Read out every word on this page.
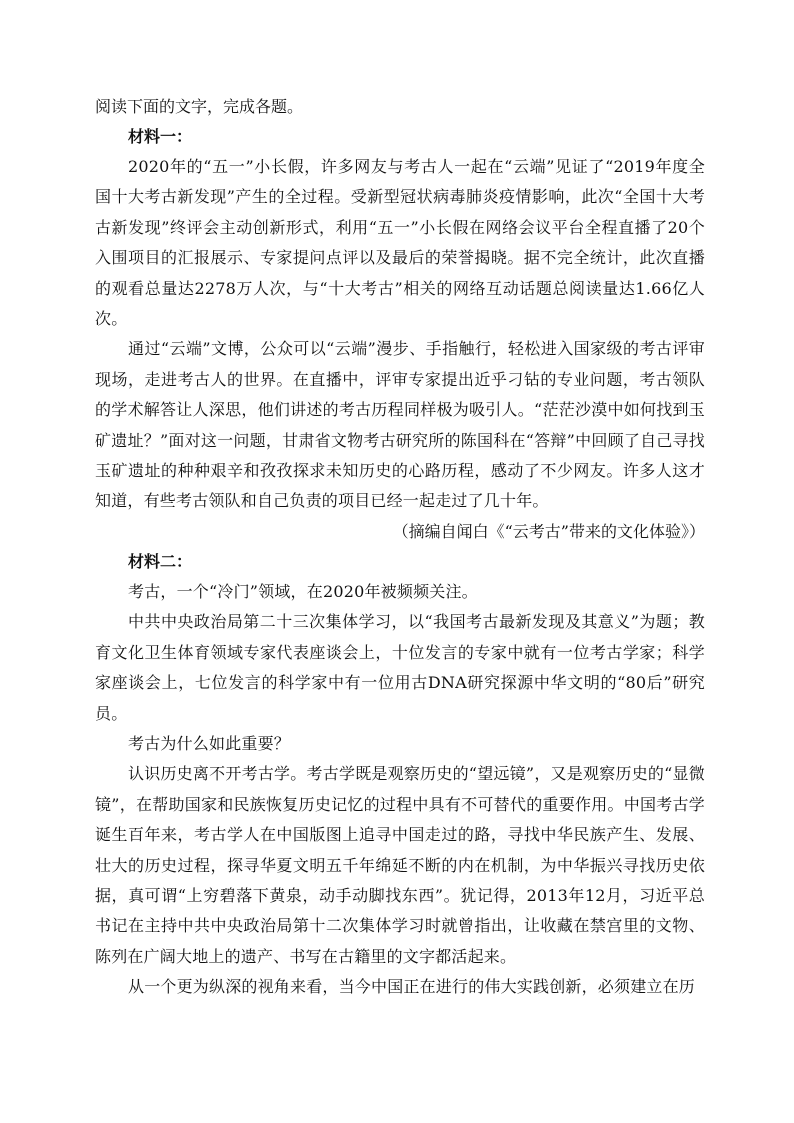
阅读下面的文字，完成各题。

材料一：

2020年的“五一”小长假，许多网友与考古人一起在“云端”见证了“2019年度全国十大考古新发现”产生的全过程。受新型冠状病毒肺炎疫情影响，此次“全国十大考古新发现”终评会主动创新形式，利用“五一”小长假在网络会议平台全程直播了20个入围项目的汇报展示、专家提问点评以及最后的荣誉揭晓。据不完全统计，此次直播的观看总量达2278万人次，与“十大考古”相关的网络互动话题总阅读量达1.66亿人次。

通过“云端”文博，公众可以“云端”漫步、手指触行，轻松进入国家级的考古评审现场，走进考古人的世界。在直播中，评审专家提出近乎刁钻的专业问题，考古领队的学术解答让人深思，他们讲述的考古历程同样极为吸引人。“茫茫沙漠中如何找到玉矿遗址？”面对这一问题，甘肃省文物考古研究所的陈国科在“答辩”中回顾了自己寻找玉矿遗址的种种艰辛和孜孜探求未知历史的心路历程，感动了不少网友。许多人这才知道，有些考古领队和自己负责的项目已经一起走过了几十年。

（摘编自闻白《“云考古”带来的文化体验》）

材料二：

考古，一个“冷门”领域，在2020年被频频关注。

中共中央政治局第二十三次集体学习，以“我国考古最新发现及其意义”为题；教育文化卫生体育领域专家代表座谈会上，十位发言的专家中就有一位考古学家；科学家座谈会上，七位发言的科学家中有一位用古DNA研究探源中华文明的“80后”研究员。

考古为什么如此重要？

认识历史离不开考古学。考古学既是观察历史的“望远镜”，又是观察历史的“显微镜”，在帮助国家和民族恢复历史记忆的过程中具有不可替代的重要作用。中国考古学诞生百年来，考古学人在中国版图上追寻中国走过的路，寻找中华民族产生、发展、壮大的历史过程，探寻华夏文明五千年绵延不断的内在机制，为中华振兴寻找历史依据，真可谓“上穷碧落下黄泉，动手动脚找东西”。犹记得，2013年12月，习近平总书记在主持中共中央政治局第十二次集体学习时就曾指出，让收藏在禁宫里的文物、陈列在广阔大地上的遗产、书写在古籍里的文字都活起来。

从一个更为纵深的视角来看，当今中国正在进行的伟大实践创新，必须建立在历
